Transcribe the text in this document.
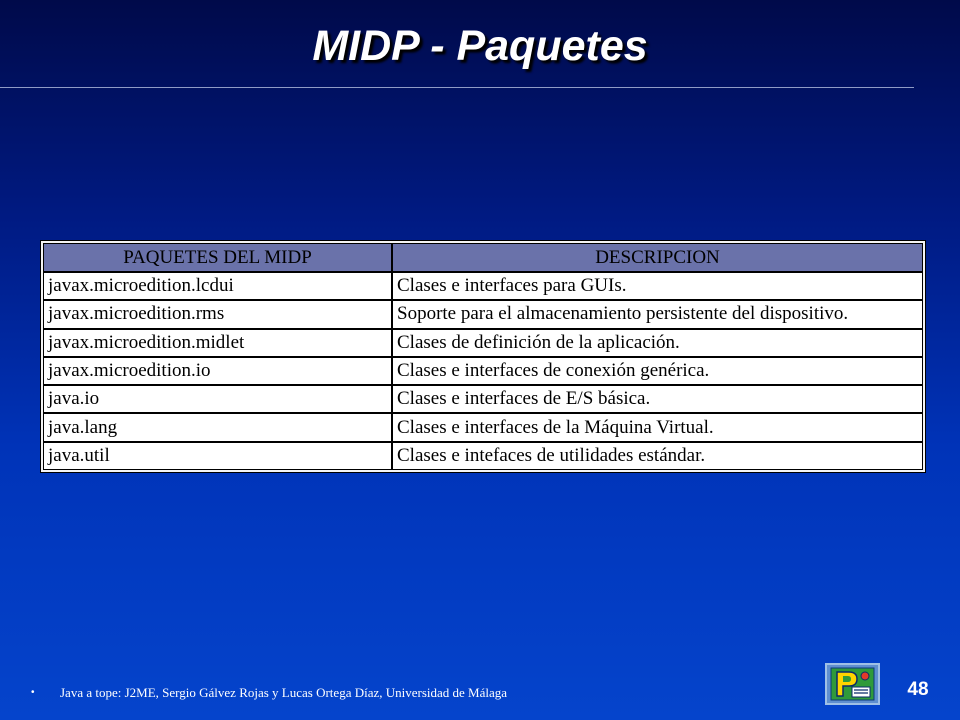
MIDP - Paquetes
PAQUETES DEL MIDP	DESCRIPCION
javax.microedition.lcdui	Clases e interfaces para GUIs.
javax.microedition.rms	Soporte para el almacenamiento persistente del dispositivo.
javax.microedition.midlet	Clases de definición de la aplicación.
javax.microedition.io	Clases e interfaces de conexión genérica.
java.io	Clases e interfaces de E/S básica.
java.lang	Clases e interfaces de la Máquina Virtual.
java.util	Clases e intefaces de utilidades estándar.
• Java a tope: J2ME, Sergio Gálvez Rojas y Lucas Ortega Díaz, Universidad de Málaga	48
